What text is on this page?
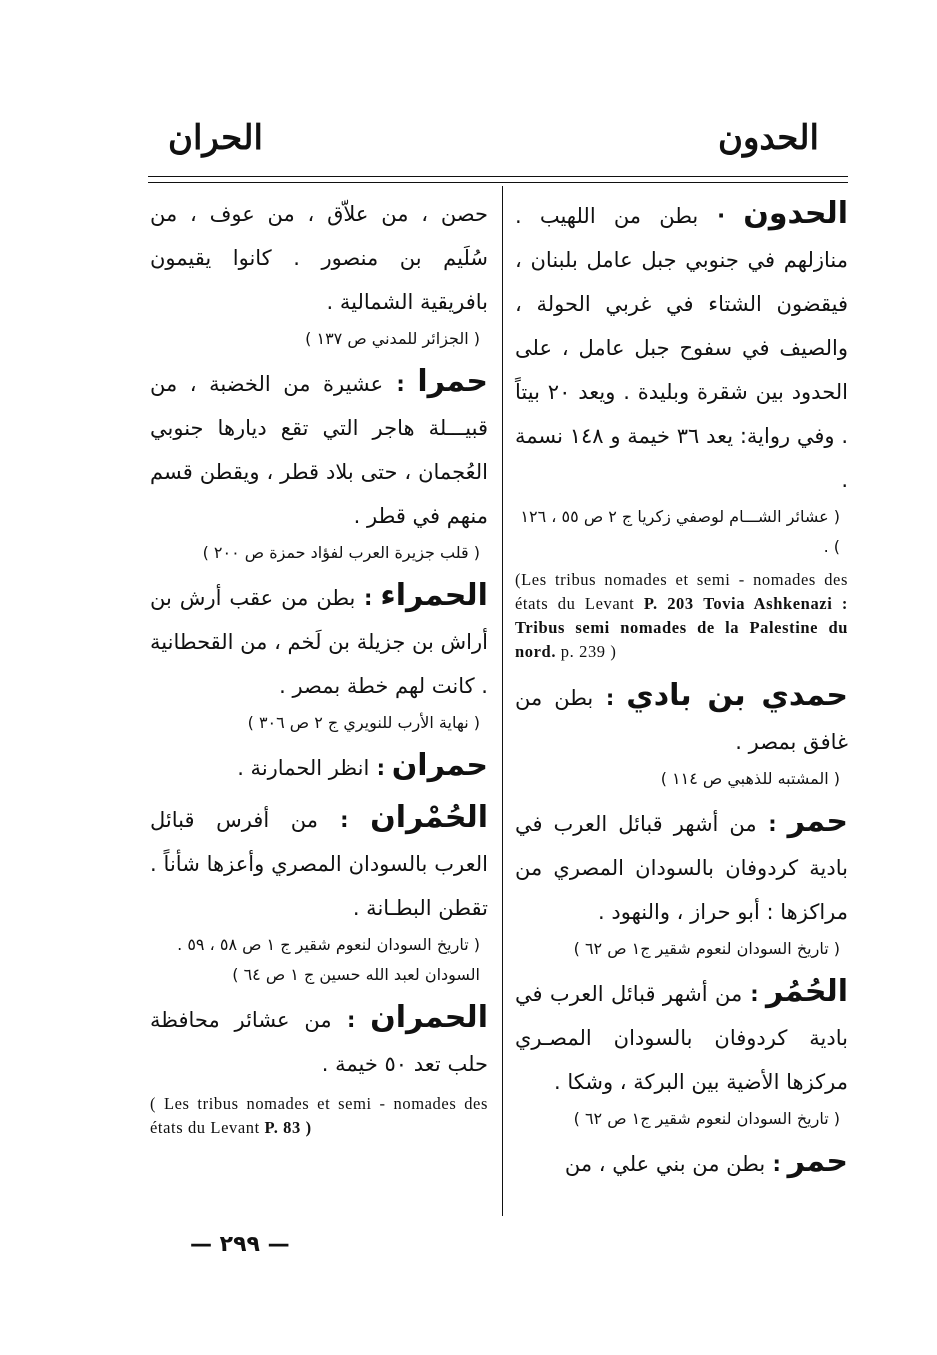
الحدون
الحران

الحدون · بطن من اللهيب . منازلهم في جنوبي جبل عامل بلبنان ، فيقضون الشتاء في غربي الحولة ، والصيف في سفوح جبل عامل ، على الحدود بين شقرة وبليدة . ويعد ٢٠ بيتاً . وفي رواية: يعد ٣٦ خيمة و ١٤٨ نسمة .

( عشائر الشـــام لوصفي زكريا ج ٢ ص ٥٥ ، ١٢٦ ) .

(Les tribus nomades et semi - nomades des états du Levant P. 203 Tovia Ashkenazi : Tribus semi nomades de la Palestine du nord. p. 239 )

حمدي بن بادي : بطن من غافق بمصر .

( المشتبه للذهبي ص ١١٤ )

حمر : من أشهر قبائل العرب في بادية كردوفان بالسودان المصري من مراكزها : أبو حراز ، والنهود .

( تاريخ السودان لنعوم شقير ج١ ص ٦٢ )

الحُمُر : من أشهر قبائل العرب في بادية كردوفان بالسودان المصـري مركزها الأضية بين البركة ، وشكا .

( تاريخ السودان لنعوم شقير ج١ ص ٦٢ )

حمر : بطن من بني علي ، من

حصن ، من علاّق ، من عوف ، من سُلَيم بن منصور . كانوا يقيمون بافريقية الشمالية .

( الجزائر للمدني ص ١٣٧ )

حمرا : عشيرة من الخضبة ، من قبيـــلة هاجر التي تقع ديارها جنوبي العُجمان ، حتى بلاد قطر ، ويقطن قسم منهم في قطر .

( قلب جزيرة العرب لفؤاد حمزة ص ٢٠٠ )

الحمراء : بطن من عقب أرش بن أراش بن جزيلة بن لَخم ، من القحطانية . كانت لهم خطة بمصر .

( نهاية الأرب للنويري ج ٢ ص ٣٠٦ )

حمران : انظر الحمارنة .

الحُمْران : من أفرس قبائل العرب بالسودان المصري وأعزها شأناً . تقطن البطـانة .

( تاريخ السودان لنعوم شقير ج ١ ص ٥٨ ، ٥٩ . السودان لعبد الله حسين ج ١ ص ٦٤ )

الحمران : من عشائر محافظة حلب تعد ٥٠ خيمة .

( Les tribus nomades et semi - nomades des états du Levant P. 83 )

— ٢٩٩ —
